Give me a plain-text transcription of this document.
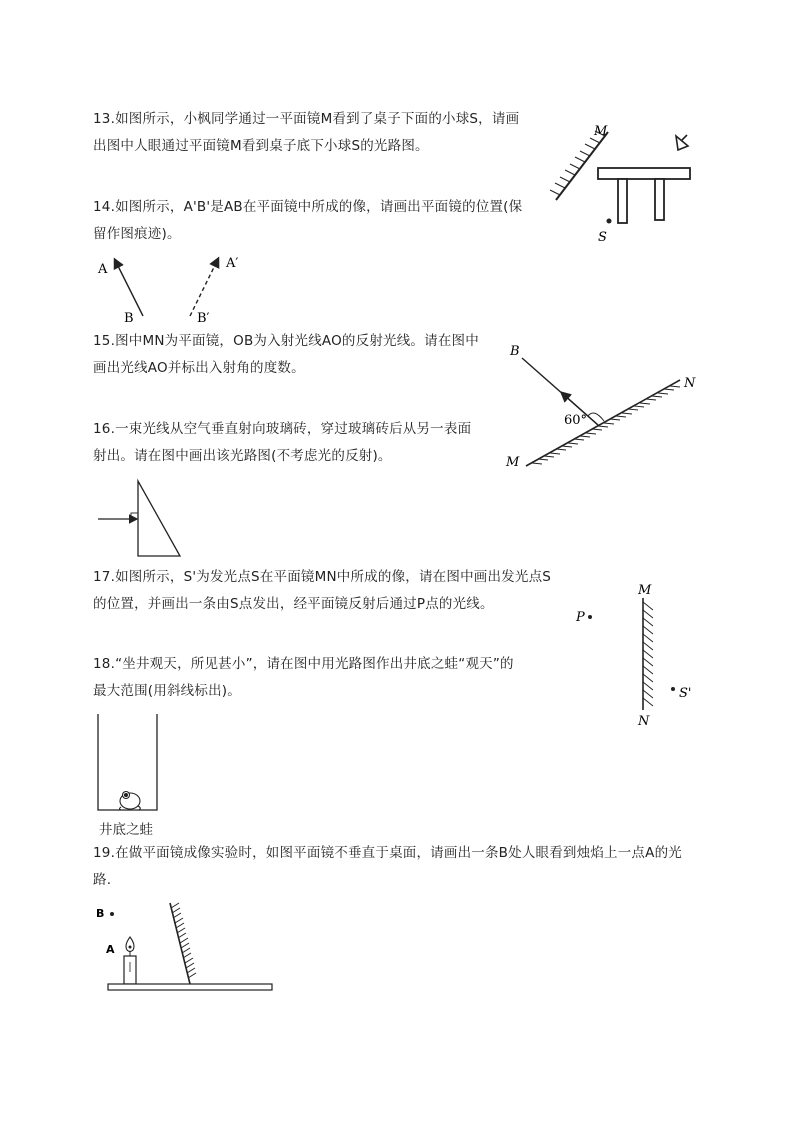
13.如图所示，小枫同学通过一平面镜M看到了桌子下面的小球S，请画
出图中人眼通过平面镜M看到桌子底下小球S的光路图。
M
S
14.如图所示，A'B'是AB在平面镜中所成的像，请画出平面镜的位置(保
留作图痕迹)。
A
B
A′
B′
15.图中MN为平面镜，OB为入射光线AO的反射光线。请在图中
画出光线AO并标出入射角的度数。
60°
B
N
M
16.一束光线从空气垂直射向玻璃砖，穿过玻璃砖后从另一表面
射出。请在图中画出该光路图(不考虑光的反射)。
17.如图所示，S'为发光点S在平面镜MN中所成的像，请在图中画出发光点S
的位置，并画出一条由S点发出，经平面镜反射后通过P点的光线。
M
N
P
S'
18.“坐井观天，所见甚小”，请在图中用光路图作出井底之蛙“观天”的
最大范围(用斜线标出)。
井底之蛙
19.在做平面镜成像实验时，如图平面镜不垂直于桌面，请画出一条B处人眼看到烛焰上一点A的光
路.
B
A
